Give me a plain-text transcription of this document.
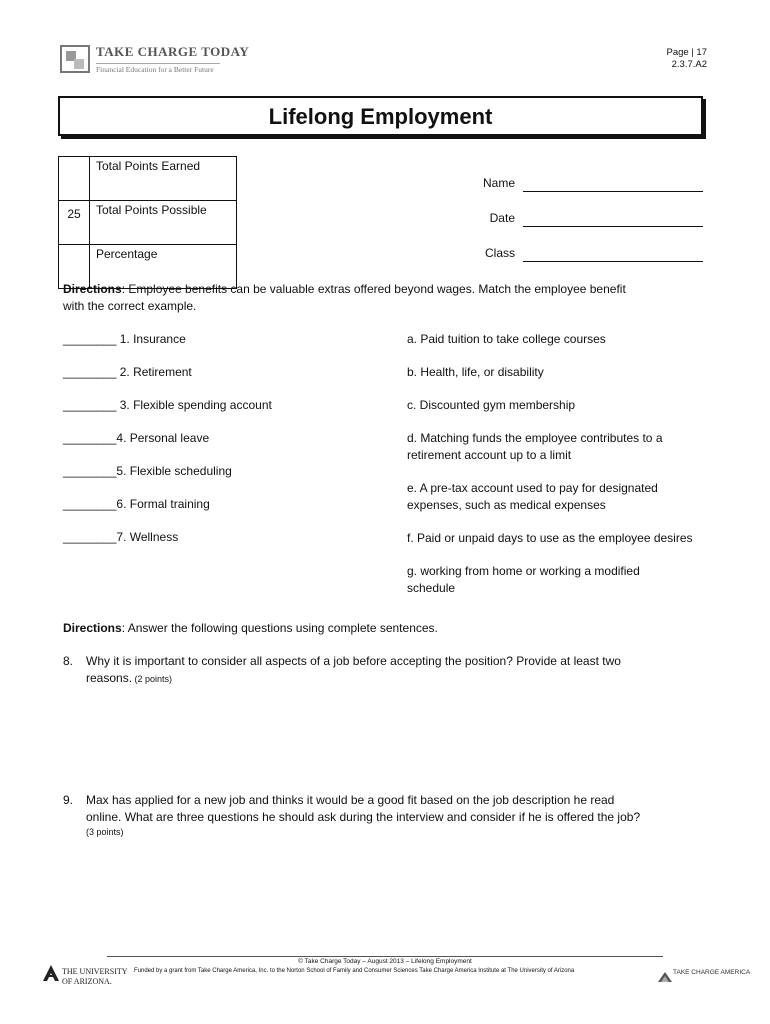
TAKE CHARGE TODAY
Financial Education for a Better Future
Page | 17
2.3.7.A2
Lifelong Employment
	Total Points Earned
25	Total Points Possible
	Percentage
Name
Date
Class
Directions: Employee benefits can be valuable extras offered beyond wages. Match the employee benefit
with the correct example.
________ 1. Insurance
________ 2. Retirement
________ 3. Flexible spending account
________4. Personal leave
________5. Flexible scheduling
________6. Formal training
________7. Wellness
a. Paid tuition to take college courses
b. Health, life, or disability
c. Discounted gym membership
d. Matching funds the employee contributes to a
retirement account up to a limit
e. A pre-tax account used to pay for designated
expenses, such as medical expenses
f. Paid or unpaid days to use as the employee desires
g. working from home or working a modified
schedule
Directions: Answer the following questions using complete sentences.
8. Why it is important to consider all aspects of a job before accepting the position? Provide at least two
reasons. (2 points)
9. Max has applied for a new job and thinks it would be a good fit based on the job description he read
online. What are three questions he should ask during the interview and consider if he is offered the job?
(3 points)
© Take Charge Today – August 2013 – Lifelong Employment
THE UNIVERSITY
OF ARIZONA.
Funded by a grant from Take Charge America, Inc. to the Norton School of Family and Consumer Sciences Take Charge America Institute at The University of Arizona	TAKE CHARGE AMERICA
